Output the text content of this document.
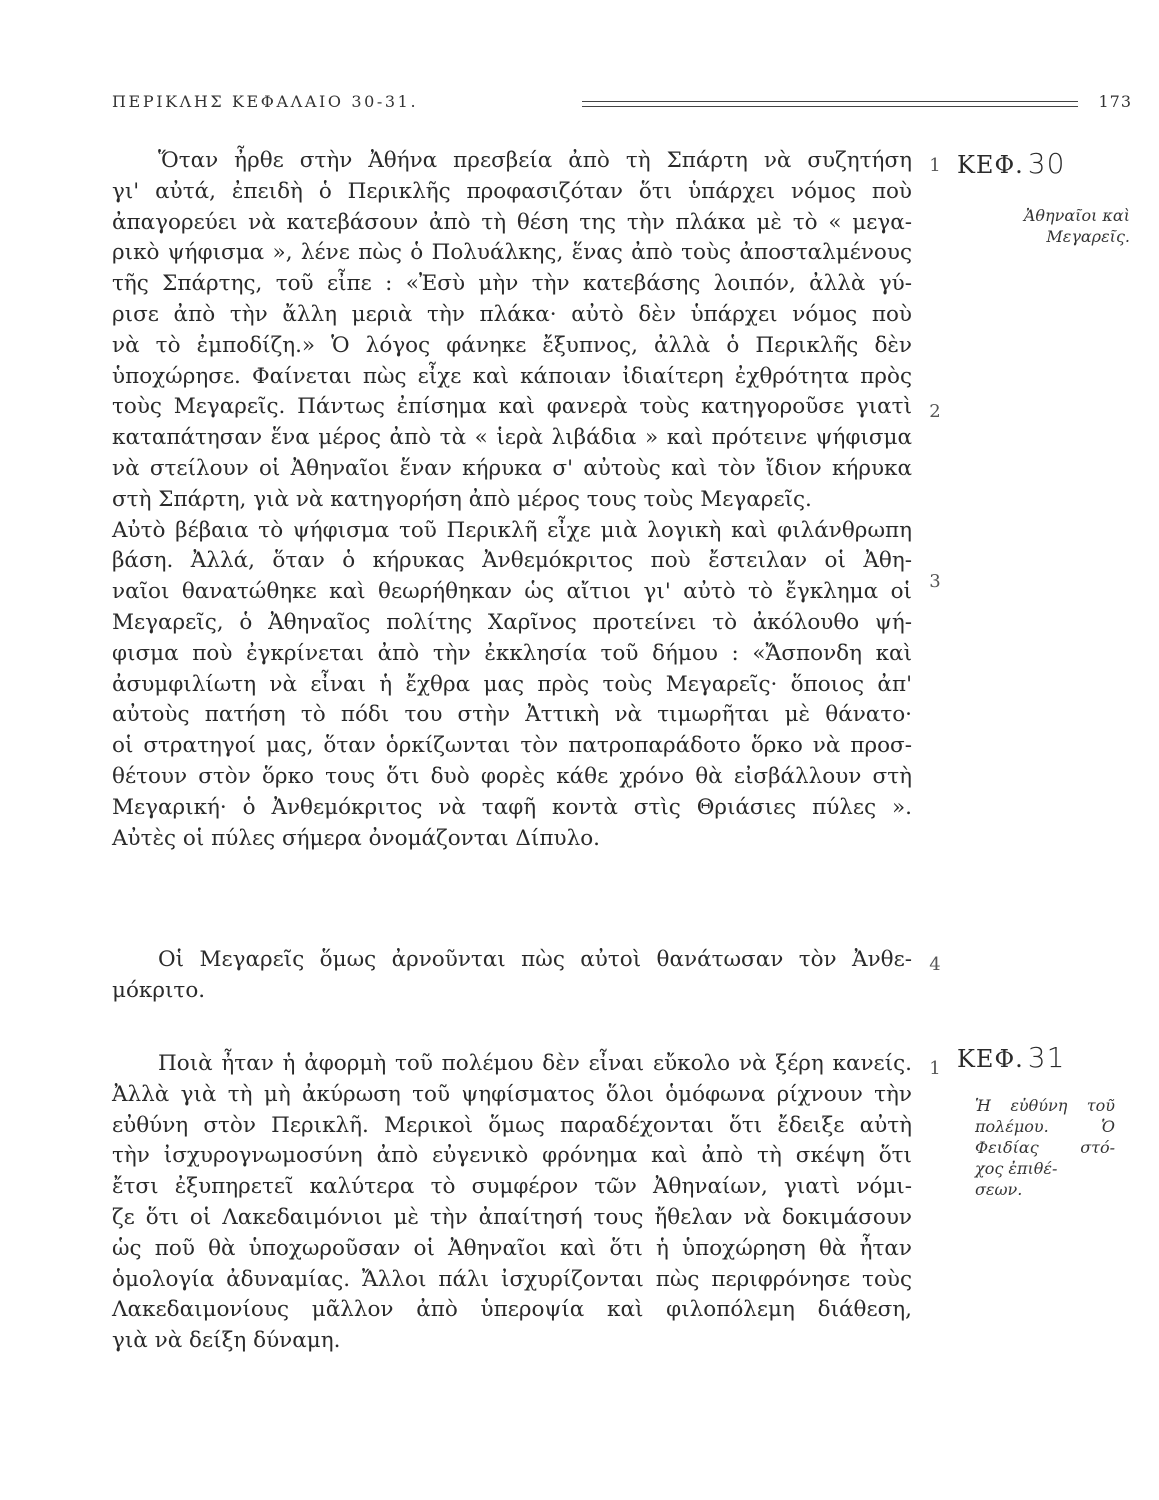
ΠΕΡΙΚΛΗΣ ΚΕΦΑΛΑΙΟ 30-31.	173
ΚΕΦ. 30
Ἀθηναῖοι καὶ
Μεγαρεῖς.
1
2
3
4
Ὅταν ἦρθε στὴν Ἀθήνα πρεσβεία ἀπὸ τὴ Σπάρτη νὰ συζητήση
γι' αὐτά, ἐπειδὴ ὁ Περικλῆς προφασιζόταν ὅτι ὑπάρχει νόμος ποὺ
ἀπαγορεύει νὰ κατεβάσουν ἀπὸ τὴ θέση της τὴν πλάκα μὲ τὸ « μεγα-
ρικὸ ψήφισμα », λένε πὼς ὁ Πολυάλκης, ἕνας ἀπὸ τοὺς ἀποσταλμένους
τῆς Σπάρτης, τοῦ εἶπε : «Ἐσὺ μὴν τὴν κατεβάσης λοιπόν, ἀλλὰ γύ-
ρισε ἀπὸ τὴν ἄλλη μεριὰ τὴν πλάκα· αὐτὸ δὲν ὑπάρχει νόμος ποὺ
νὰ τὸ ἐμποδίζη.» Ὁ λόγος φάνηκε ἔξυπνος, ἀλλὰ ὁ Περικλῆς δὲν
ὑποχώρησε. Φαίνεται πὼς εἶχε καὶ κάποιαν ἰδιαίτερη ἐχθρότητα πρὸς
τοὺς Μεγαρεῖς. Πάντως ἐπίσημα καὶ φανερὰ τοὺς κατηγοροῦσε γιατὶ
καταπάτησαν ἕνα μέρος ἀπὸ τὰ « ἱερὰ λιβάδια » καὶ πρότεινε ψήφισμα
νὰ στείλουν οἱ Ἀθηναῖοι ἕναν κήρυκα σ' αὐτοὺς καὶ τὸν ἴδιον κήρυκα
στὴ Σπάρτη, γιὰ νὰ κατηγορήση ἀπὸ μέρος τους τοὺς Μεγαρεῖς.
Αὐτὸ βέβαια τὸ ψήφισμα τοῦ Περικλῆ εἶχε μιὰ λογικὴ καὶ φιλάνθρωπη
βάση. Ἀλλά, ὅταν ὁ κήρυκας Ἀνθεμόκριτος ποὺ ἔστειλαν οἱ Ἀθη-
ναῖοι θανατώθηκε καὶ θεωρήθηκαν ὡς αἴτιοι γι' αὐτὸ τὸ ἔγκλημα οἱ
Μεγαρεῖς, ὁ Ἀθηναῖος πολίτης Χαρῖνος προτείνει τὸ ἀκόλουθο ψή-
φισμα ποὺ ἐγκρίνεται ἀπὸ τὴν ἐκκλησία τοῦ δήμου : «Ἄσπονδη καὶ
ἀσυμφιλίωτη νὰ εἶναι ἡ ἔχθρα μας πρὸς τοὺς Μεγαρεῖς· ὅποιος ἀπ'
αὐτοὺς πατήση τὸ πόδι του στὴν Ἀττικὴ νὰ τιμωρῆται μὲ θάνατο·
οἱ στρατηγοί μας, ὅταν ὁρκίζωνται τὸν πατροπαράδοτο ὅρκο νὰ προσ-
θέτουν στὸν ὅρκο τους ὅτι δυὸ φορὲς κάθε χρόνο θὰ εἰσβάλλουν στὴ
Μεγαρική· ὁ Ἀνθεμόκριτος νὰ ταφῆ κοντὰ στὶς Θριάσιες πύλες ».
Αὐτὲς οἱ πύλες σήμερα ὀνομάζονται Δίπυλο.
Οἱ Μεγαρεῖς ὅμως ἀρνοῦνται πὼς αὐτοὶ θανάτωσαν τὸν Ἀνθε-
μόκριτο.
ΚΕΦ. 31
Ἡ εὐθύνη τοῦ
πολέμου. Ὁ
Φειδίας στό-
χος ἐπιθέ-
σεων.
1
Ποιὰ ἦταν ἡ ἀφορμὴ τοῦ πολέμου δὲν εἶναι εὔκολο νὰ ξέρη κανείς.
Ἀλλὰ γιὰ τὴ μὴ ἀκύρωση τοῦ ψηφίσματος ὅλοι ὁμόφωνα ρίχνουν τὴν
εὐθύνη στὸν Περικλῆ. Μερικοὶ ὅμως παραδέχονται ὅτι ἔδειξε αὐτὴ
τὴν ἰσχυρογνωμοσύνη ἀπὸ εὐγενικὸ φρόνημα καὶ ἀπὸ τὴ σκέψη ὅτι
ἔτσι ἐξυπηρετεῖ καλύτερα τὸ συμφέρον τῶν Ἀθηναίων, γιατὶ νόμι-
ζε ὅτι οἱ Λακεδαιμόνιοι μὲ τὴν ἀπαίτησή τους ἤθελαν νὰ δοκιμάσουν
ὡς ποῦ θὰ ὑποχωροῦσαν οἱ Ἀθηναῖοι καὶ ὅτι ἡ ὑποχώρηση θὰ ἦταν
ὁμολογία ἀδυναμίας. Ἄλλοι πάλι ἰσχυρίζονται πὼς περιφρόνησε τοὺς
Λακεδαιμονίους μᾶλλον ἀπὸ ὑπεροψία καὶ φιλοπόλεμη διάθεση,
γιὰ νὰ δείξη δύναμη.
